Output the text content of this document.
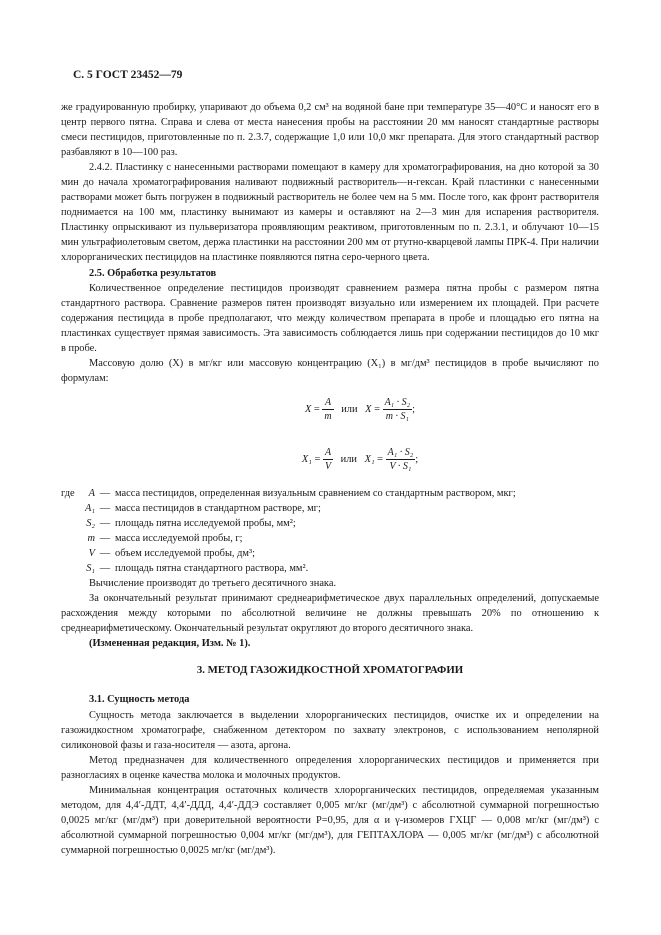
С. 5 ГОСТ 23452—79

же градуированную пробирку, упаривают до объема 0,2 см³ на водяной бане при температуре 35—40°С и наносят его в центр первого пятна. Справа и слева от места нанесения пробы на расстоянии 20 мм наносят стандартные растворы смеси пестицидов, приготовленные по п. 2.3.7, содержащие 1,0 или 10,0 мкг препарата. Для этого стандартный раствор разбавляют в 10—100 раз.

2.4.2. Пластинку с нанесенными растворами помещают в камеру для хроматографирования, на дно которой за 30 мин до начала хроматографирования наливают подвижный растворитель—н-гексан. Край пластинки с нанесенными растворами может быть погружен в подвижный растворитель не более чем на 5 мм. После того, как фронт растворителя поднимается на 100 мм, пластинку вынимают из камеры и оставляют на 2—3 мин для испарения растворителя. Пластинку опрыскивают из пульверизатора проявляющим реактивом, приготовленным по п. 2.3.1, и облучают 10—15 мин ультрафиолетовым светом, держа пластинки на расстоянии 200 мм от ртутно-кварцевой лампы ПРК-4. При наличии хлорорганических пестицидов на пластинке появляются пятна серо-черного цвета.

2.5. Обработка результатов

Количественное определение пестицидов производят сравнением размера пятна пробы с размером пятна стандартного раствора. Сравнение размеров пятен производят визуально или измерением их площадей. При расчете содержания пестицида в пробе предполагают, что между количеством препарата в пробе и площадью его пятна на пластинках существует прямая зависимость. Эта зависимость соблюдается лишь при содержании пестицидов до 10 мкг в пробе.

Массовую долю (X) в мг/кг или массовую концентрацию (X₁) в мг/дм³ пестицидов в пробе вычисляют по формулам:

$X = \frac{A}{m}$ или $X = \frac{\text{A₁ · S₂}}{\text{m · S₁}}$ ;
$X_1 = \frac{A}{V}$ или $X_1 = \frac{\text{A₁ · S₂}}{\text{V · S₁}}$ ;
где	A — масса пестицидов, определенная визуальным сравнением со стандартным раствором, мкг;
A₁ — масса пестицидов в стандартном растворе, мг;
S₂ — площадь пятна исследуемой пробы, мм²;
m — масса исследуемой пробы, г;
V — объем исследуемой пробы, дм³;
S₁ — площадь пятна стандартного раствора, мм².

Вычисление производят до третьего десятичного знака.

За окончательный результат принимают среднеарифметическое двух параллельных определений, допускаемые расхождения между которыми по абсолютной величине не должны превышать 20% по отношению к среднеарифметическому. Окончательный результат округляют до второго десятичного знака.

(Измененная редакция, Изм. № 1).

3. МЕТОД ГАЗОЖИДКОСТНОЙ ХРОМАТОГРАФИИ

3.1. Сущность метода

Сущность метода заключается в выделении хлорорганических пестицидов, очистке их и определении на газожидкостном хроматографе, снабженном детектором по захвату электронов, с использованием неполярной силиконовой фазы и газа-носителя — азота, аргона.

Метод предназначен для количественного определения хлорорганических пестицидов и применяется при разногласиях в оценке качества молока и молочных продуктов.

Минимальная концентрация остаточных количеств хлорорганических пестицидов, определяемая указанным методом, для 4,4′-ДДТ, 4,4′-ДДД, 4,4′-ДДЭ составляет 0,005 мг/кг (мг/дм³) с абсолютной суммарной погрешностью 0,0025 мг/кг (мг/дм³) при доверительной вероятности P=0,95, для α и γ-изомеров ГХЦГ — 0,008 мг/кг (мг/дм³) с абсолютной суммарной погрешностью 0,004 мг/кг (мг/дм³), для ГЕПТАХЛОРА — 0,005 мг/кг (мг/дм³) с абсолютной суммарной погрешностью 0,0025 мг/кг (мг/дм³).
